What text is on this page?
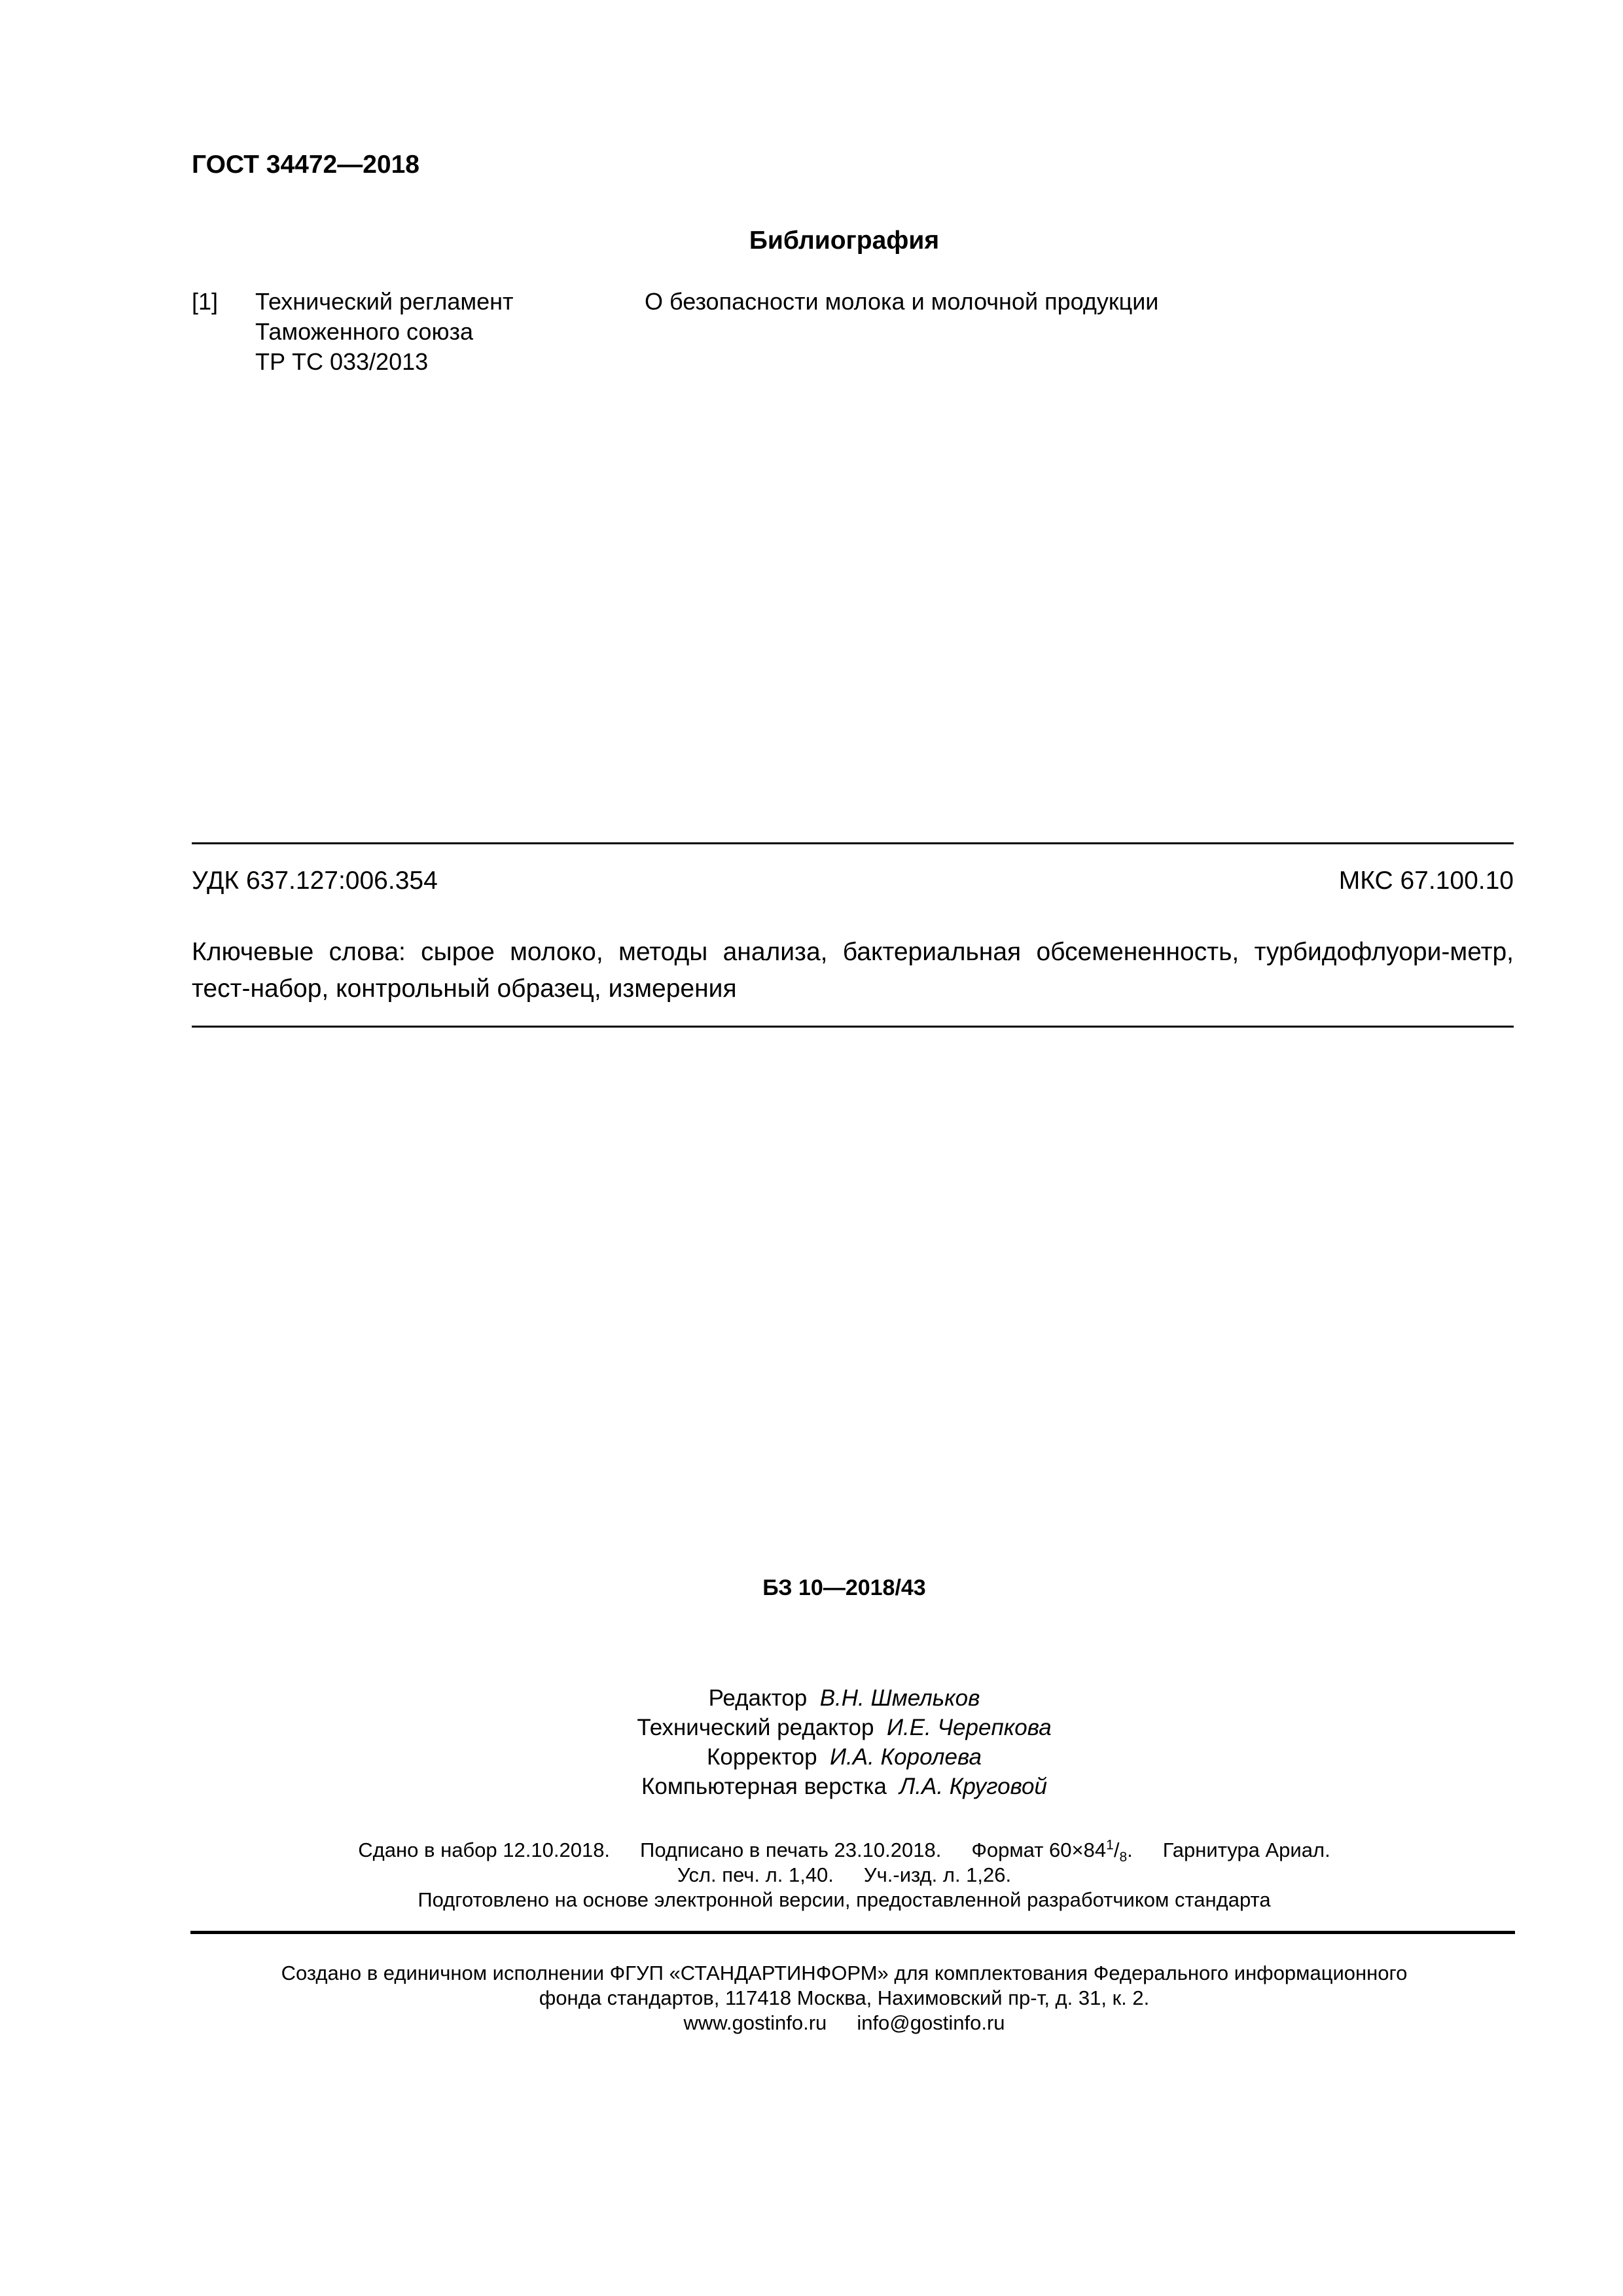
ГОСТ 34472—2018
Библиография
[1] Технический регламент
Таможенного союза
ТР ТС 033/2013
О безопасности молока и молочной продукции
УДК 637.127:006.354	МКС 67.100.10
Ключевые слова: сырое молоко, методы анализа, бактериальная обсемененность, турбидофлуори-метр, тест-набор, контрольный образец, измерения
БЗ 10—2018/43
Редактор В.Н. Шмельков
Технический редактор И.Е. Черепкова
Корректор И.А. Королева
Компьютерная верстка Л.А. Круговой
Сдано в набор 12.10.2018. Подписано в печать 23.10.2018. Формат $60\times 84^1/_8$. Гарнитура Ариал.
Усл. печ. л. 1,40. Уч.-изд. л. 1,26.
Подготовлено на основе электронной версии, предоставленной разработчиком стандарта
Создано в единичном исполнении ФГУП «СТАНДАРТИНФОРМ» для комплектования Федерального информационного
фонда стандартов, 117418 Москва, Нахимовский пр-т, д. 31, к. 2.
www.gostinfo.ru info@gostinfo.ru
